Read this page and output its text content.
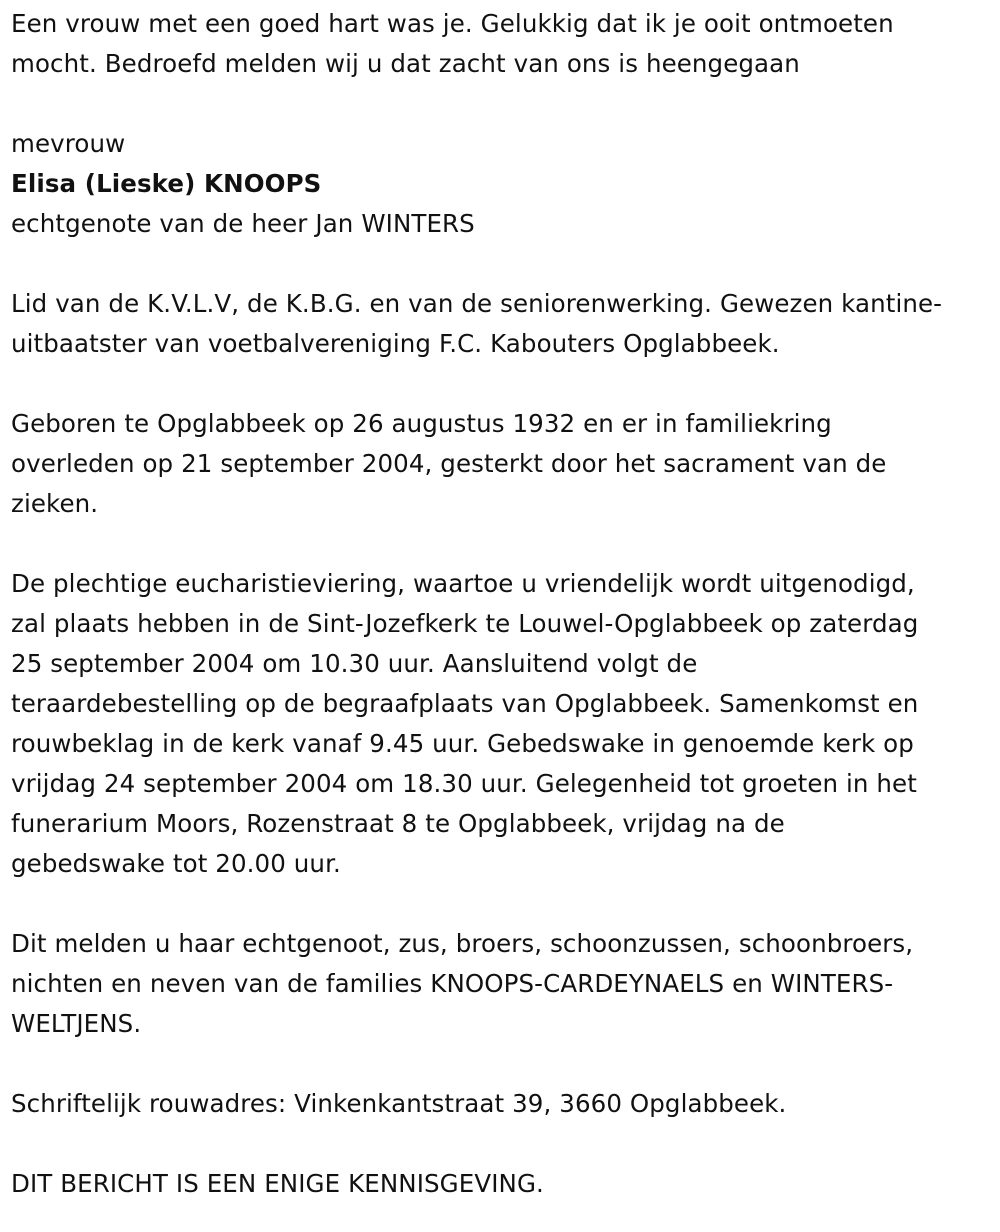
Een vrouw met een goed hart was je. Gelukkig dat ik je ooit ontmoeten
mocht. Bedroefd melden wij u dat zacht van ons is heengegaan
mevrouw
Elisa (Lieske) KNOOPS
echtgenote van de heer Jan WINTERS
Lid van de K.V.L.V, de K.B.G. en van de seniorenwerking. Gewezen kantine-
uitbaatster van voetbalvereniging F.C. Kabouters Opglabbeek.
Geboren te Opglabbeek op 26 augustus 1932 en er in familiekring
overleden op 21 september 2004, gesterkt door het sacrament van de
zieken.
De plechtige eucharistieviering, waartoe u vriendelijk wordt uitgenodigd,
zal plaats hebben in de Sint-Jozefkerk te Louwel-Opglabbeek op zaterdag
25 september 2004 om 10.30 uur. Aansluitend volgt de
teraardebestelling op de begraafplaats van Opglabbeek. Samenkomst en
rouwbeklag in de kerk vanaf 9.45 uur. Gebedswake in genoemde kerk op
vrijdag 24 september 2004 om 18.30 uur. Gelegenheid tot groeten in het
funerarium Moors, Rozenstraat 8 te Opglabbeek, vrijdag na de
gebedswake tot 20.00 uur.
Dit melden u haar echtgenoot, zus, broers, schoonzussen, schoonbroers,
nichten en neven van de families KNOOPS-CARDEYNAELS en WINTERS-
WELTJENS.
Schriftelijk rouwadres: Vinkenkantstraat 39, 3660 Opglabbeek.
DIT BERICHT IS EEN ENIGE KENNISGEVING.
